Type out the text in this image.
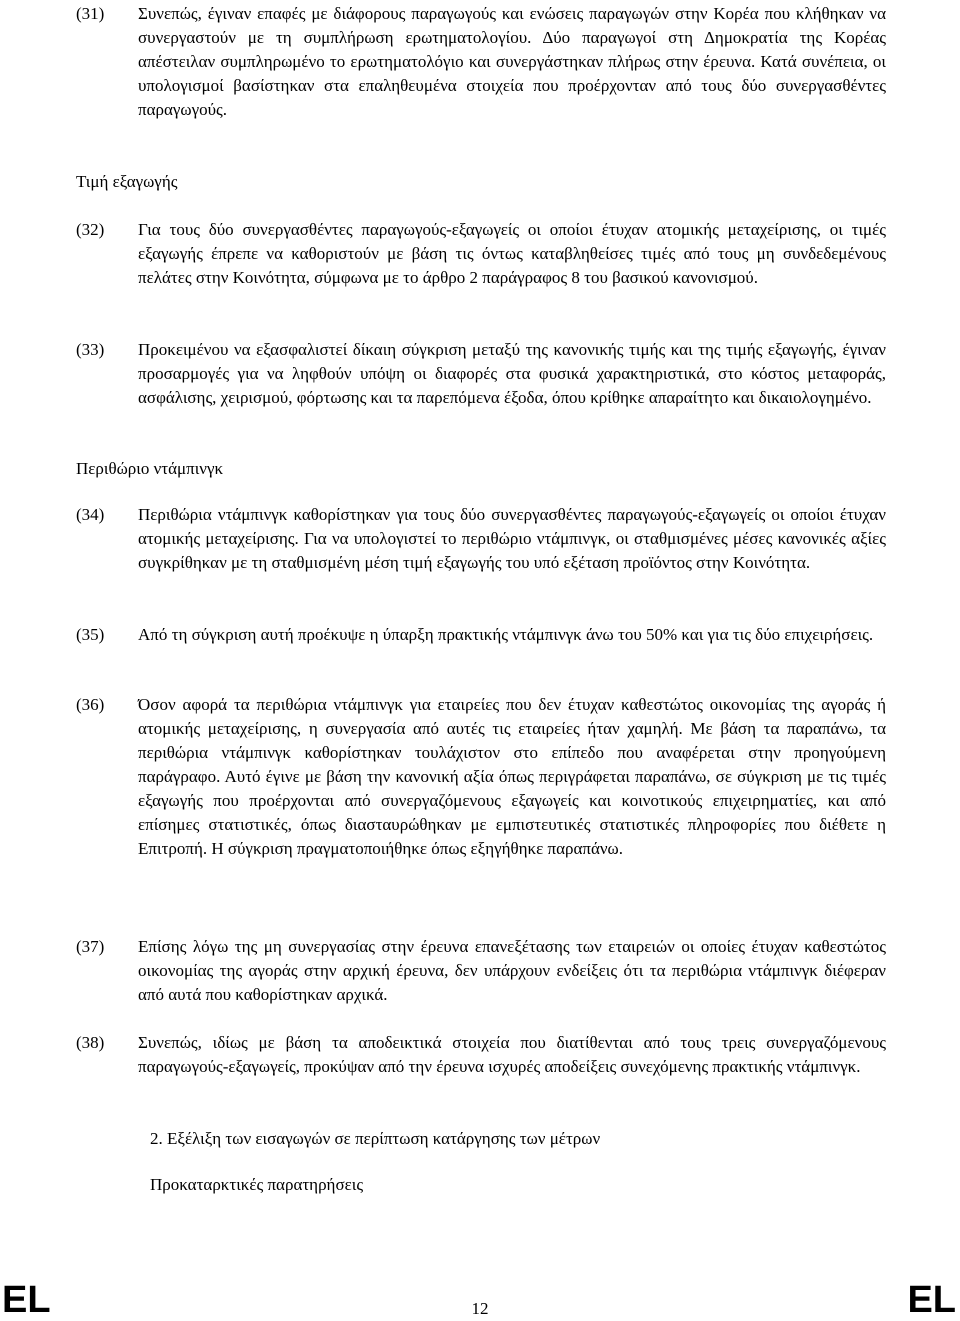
(31)	Συνεπώς, έγιναν επαφές με διάφορους παραγωγούς και ενώσεις παραγωγών στην Κορέα που κλήθηκαν να συνεργαστούν με τη συμπλήρωση ερωτηματολογίου. Δύο παραγωγοί στη Δημοκρατία της Κορέας απέστειλαν συμπληρωμένο το ερωτηματολόγιο και συνεργάστηκαν πλήρως στην έρευνα. Κατά συνέπεια, οι υπολογισμοί βασίστηκαν στα επαληθευμένα στοιχεία που προέρχονταν από τους δύο συνεργασθέντες παραγωγούς.
Τιμή εξαγωγής
(32)	Για τους δύο συνεργασθέντες παραγωγούς-εξαγωγείς οι οποίοι έτυχαν ατομικής μεταχείρισης, οι τιμές εξαγωγής έπρεπε να καθοριστούν με βάση τις όντως καταβληθείσες τιμές από τους μη συνδεδεμένους πελάτες στην Κοινότητα, σύμφωνα με το άρθρο 2 παράγραφος 8 του βασικού κανονισμού.
(33)	Προκειμένου να εξασφαλιστεί δίκαιη σύγκριση μεταξύ της κανονικής τιμής και της τιμής εξαγωγής, έγιναν προσαρμογές για να ληφθούν υπόψη οι διαφορές στα φυσικά χαρακτηριστικά, στο κόστος μεταφοράς, ασφάλισης, χειρισμού, φόρτωσης και τα παρεπόμενα έξοδα, όπου κρίθηκε απαραίτητο και δικαιολογημένο.
Περιθώριο ντάμπινγκ
(34)	Περιθώρια ντάμπινγκ καθορίστηκαν για τους δύο συνεργασθέντες παραγωγούς-εξαγωγείς οι οποίοι έτυχαν ατομικής μεταχείρισης. Για να υπολογιστεί το περιθώριο ντάμπινγκ, οι σταθμισμένες μέσες κανονικές αξίες συγκρίθηκαν με τη σταθμισμένη μέση τιμή εξαγωγής του υπό εξέταση προϊόντος στην Κοινότητα.
(35)	Από τη σύγκριση αυτή προέκυψε η ύπαρξη πρακτικής ντάμπινγκ άνω του 50% και για τις δύο επιχειρήσεις.
(36)	Όσον αφορά τα περιθώρια ντάμπινγκ για εταιρείες που δεν έτυχαν καθεστώτος οικονομίας της αγοράς ή ατομικής μεταχείρισης, η συνεργασία από αυτές τις εταιρείες ήταν χαμηλή. Με βάση τα παραπάνω, τα περιθώρια ντάμπινγκ καθορίστηκαν τουλάχιστον στο επίπεδο που αναφέρεται στην προηγούμενη παράγραφο. Αυτό έγινε με βάση την κανονική αξία όπως περιγράφεται παραπάνω, σε σύγκριση με τις τιμές εξαγωγής που προέρχονται από συνεργαζόμενους εξαγωγείς και κοινοτικούς επιχειρηματίες, και από επίσημες στατιστικές, όπως διασταυρώθηκαν με εμπιστευτικές στατιστικές πληροφορίες που διέθετε η Επιτροπή. Η σύγκριση πραγματοποιήθηκε όπως εξηγήθηκε παραπάνω.
(37)	Επίσης λόγω της μη συνεργασίας στην έρευνα επανεξέτασης των εταιρειών οι οποίες έτυχαν καθεστώτος οικονομίας της αγοράς στην αρχική έρευνα, δεν υπάρχουν ενδείξεις ότι τα περιθώρια ντάμπινγκ διέφεραν από αυτά που καθορίστηκαν αρχικά.
(38)	Συνεπώς, ιδίως με βάση τα αποδεικτικά στοιχεία που διατίθενται από τους τρεις συνεργαζόμενους παραγωγούς-εξαγωγείς, προκύψαν από την έρευνα ισχυρές αποδείξεις συνεχόμενης πρακτικής ντάμπινγκ.
2. Εξέλιξη των εισαγωγών σε περίπτωση κατάργησης των μέτρων
Προκαταρκτικές παρατηρήσεις
EL	12	EL
